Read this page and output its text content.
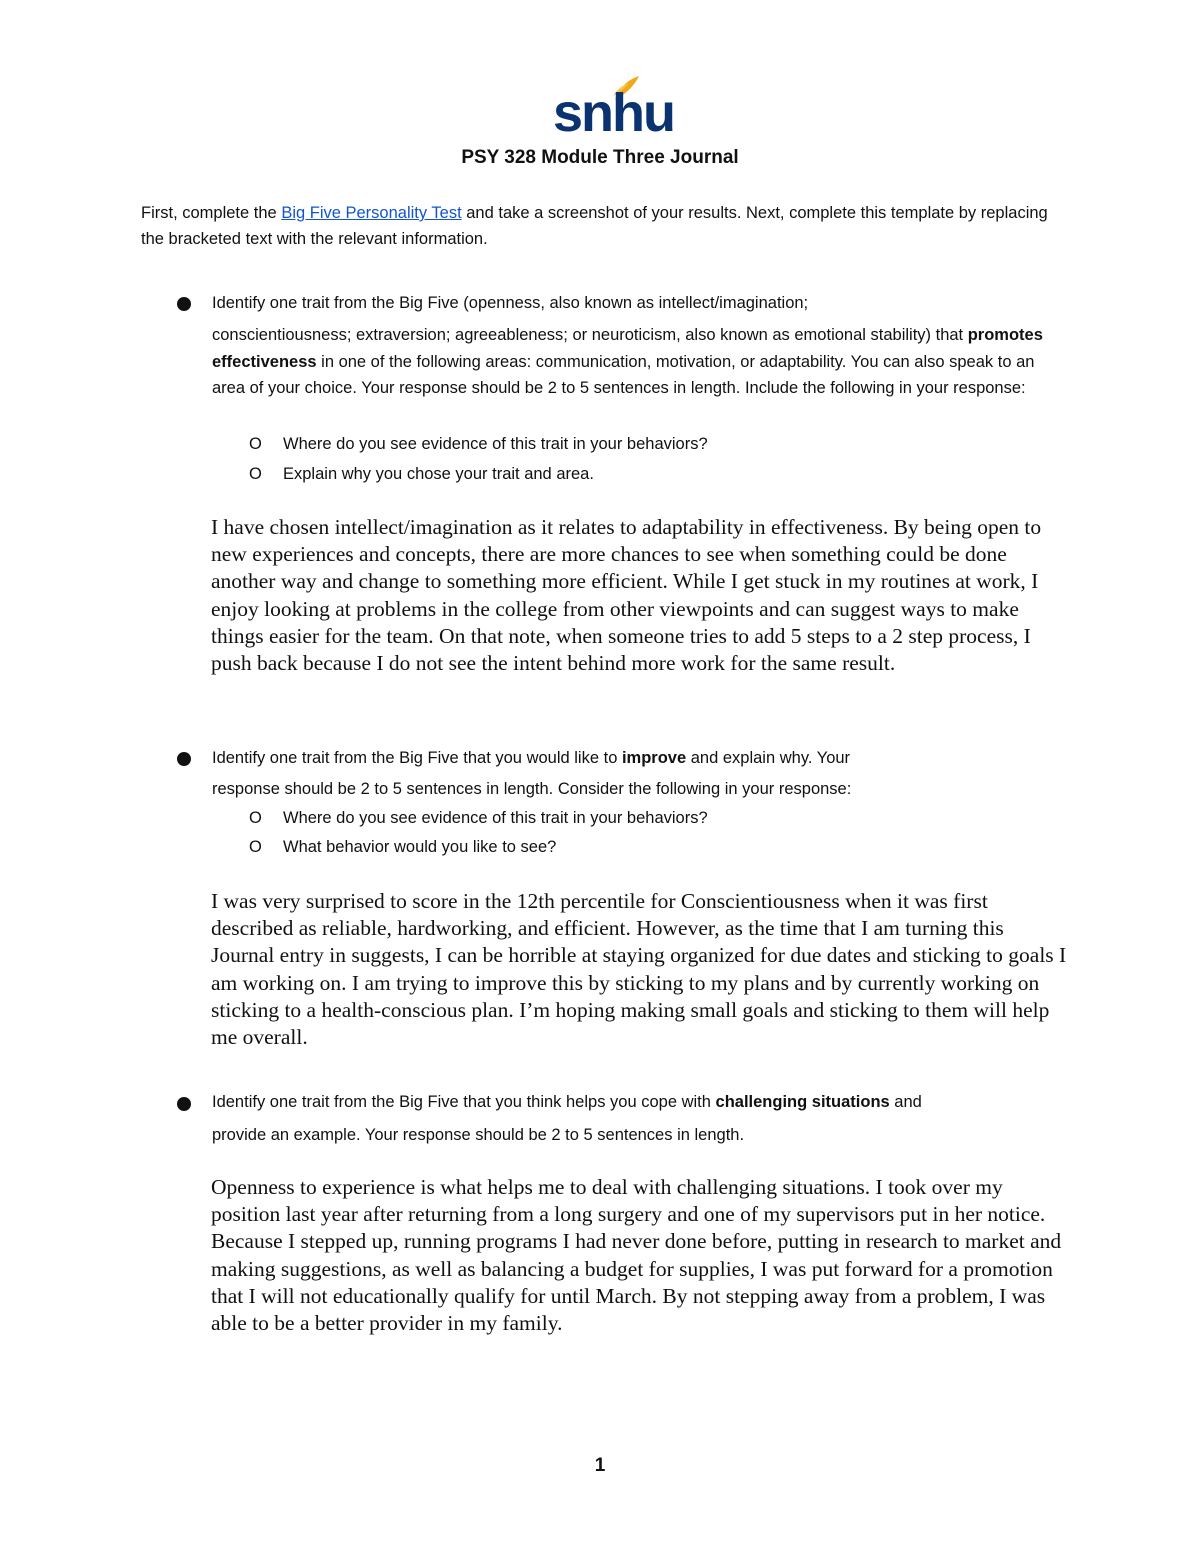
snhu
PSY 328 Module Three Journal
First, complete the Big Five Personality Test and take a screenshot of your results. Next, complete this template by replacing the bracketed text with the relevant information.
Identify one trait from the Big Five (openness, also known as intellect/imagination;
conscientiousness; extraversion; agreeableness; or neuroticism, also known as emotional stability) that promotes effectiveness in one of the following areas: communication, motivation, or adaptability. You can also speak to an area of your choice. Your response should be 2 to 5 sentences in length. Include the following in your response:
O Where do you see evidence of this trait in your behaviors?
O Explain why you chose your trait and area.
I have chosen intellect/imagination as it relates to adaptability in effectiveness. By being open to new experiences and concepts, there are more chances to see when something could be done another way and change to something more efficient. While I get stuck in my routines at work, I enjoy looking at problems in the college from other viewpoints and can suggest ways to make things easier for the team. On that note, when someone tries to add 5 steps to a 2 step process, I push back because I do not see the intent behind more work for the same result.
Identify one trait from the Big Five that you would like to improve and explain why. Your
response should be 2 to 5 sentences in length. Consider the following in your response:
O Where do you see evidence of this trait in your behaviors?
O What behavior would you like to see?
I was very surprised to score in the 12th percentile for Conscientiousness when it was first described as reliable, hardworking, and efficient. However, as the time that I am turning this Journal entry in suggests, I can be horrible at staying organized for due dates and sticking to goals I am working on. I am trying to improve this by sticking to my plans and by currently working on sticking to a health-conscious plan. I’m hoping making small goals and sticking to them will help me overall.
Identify one trait from the Big Five that you think helps you cope with challenging situations and
provide an example. Your response should be 2 to 5 sentences in length.
Openness to experience is what helps me to deal with challenging situations. I took over my position last year after returning from a long surgery and one of my supervisors put in her notice. Because I stepped up, running programs I had never done before, putting in research to market and making suggestions, as well as balancing a budget for supplies, I was put forward for a promotion that I will not educationally qualify for until March. By not stepping away from a problem, I was able to be a better provider in my family.
1
